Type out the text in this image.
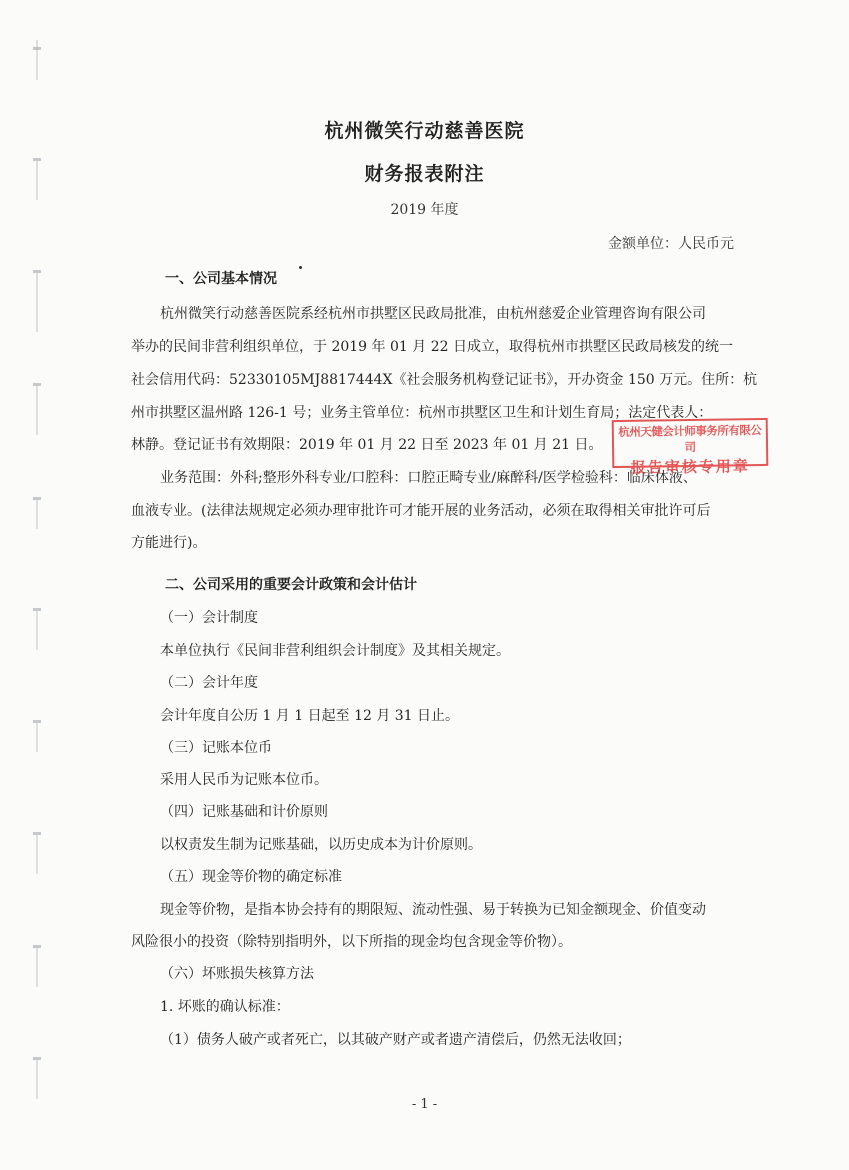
杭州微笑行动慈善医院
财务报表附注
2019 年度
金额单位：人民币元
一、公司基本情况
杭州微笑行动慈善医院系经杭州市拱墅区民政局批准，由杭州慈爱企业管理咨询有限公司
举办的民间非营利组织单位，于 2019 年 01 月 22 日成立，取得杭州市拱墅区民政局核发的统一
社会信用代码：52330105MJ8817444X《社会服务机构登记证书》，开办资金 150 万元。住所：杭
州市拱墅区温州路 126-1 号；业务主管单位：杭州市拱墅区卫生和计划生育局；法定代表人：
林静。登记证书有效期限：2019 年 01 月 22 日至 2023 年 01 月 21 日。
业务范围：外科;整形外科专业/口腔科：口腔正畸专业/麻醉科/医学检验科：临床体液、
血液专业。(法律法规规定必须办理审批许可才能开展的业务活动，必须在取得相关审批许可后
方能进行)。
二、公司采用的重要会计政策和会计估计
（一）会计制度
本单位执行《民间非营利组织会计制度》及其相关规定。
（二）会计年度
会计年度自公历 1 月 1 日起至 12 月 31 日止。
（三）记账本位币
采用人民币为记账本位币。
（四）记账基础和计价原则
以权责发生制为记账基础，以历史成本为计价原则。
（五）现金等价物的确定标准
现金等价物，是指本协会持有的期限短、流动性强、易于转换为已知金额现金、价值变动
风险很小的投资（除特别指明外，以下所指的现金均包含现金等价物）。
（六）坏账损失核算方法
1. 坏账的确认标准：
（1）债务人破产或者死亡，以其破产财产或者遗产清偿后，仍然无法收回；
杭州天健会计师事务所有限公司
报告审核专用章
- 1 -
